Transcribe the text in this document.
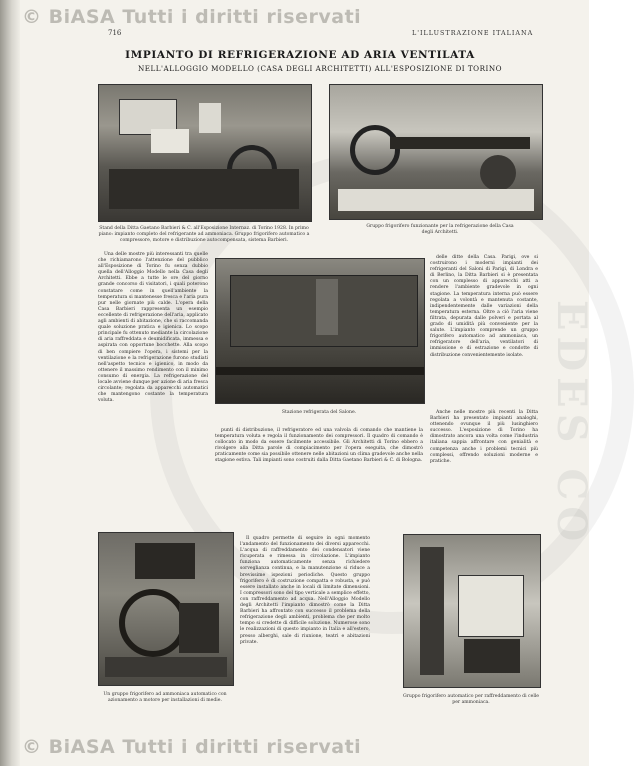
EDES CO
© BiASA Tutti i diritti riservati
© BiASA Tutti i diritti riservati
716	L'ILLUSTRAZIONE ITALIANA
IMPIANTO DI REFRIGERAZIONE AD ARIA VENTILATA
NELL'ALLOGGIO MODELLO (CASA DEGLI ARCHITETTI) ALL'ESPOSIZIONE DI TORINO
Stand della Ditta Gaetano Barbieri & C. all'Esposizione Internaz. di Torino 1928. In primo piano: impianto completo del refrigerante ad ammoniaca. Gruppo frigorifero automatico a compressore, motore e distribuzione autocompensata, sistema Barbieri.
Gruppo frigorifero funzionante per la refrigerazione della Casa degli Architetti.

Una delle mostre più interessanti tra quelle che richiamarono l'attenzione del pubblico all'Esposizione di Torino fu senza dubbio quella dell'Alloggio Modello nella Casa degli Architetti. Ebbe a tutte le ore del giorno grande concorso di visitatori, i quali poterono constatare come in quell'ambiente la temperatura si mantenesse fresca e l'aria pura pur nelle giornate più calde. L'opera della Casa Barbieri rappresenta un esempio eccellente di refrigerazione dell'aria, applicato agli ambienti di abitazione, che si raccomanda quale soluzione pratica e igienica. Lo scopo principale fu ottenuto mediante la circolazione di aria raffreddata e deumidificata, immessa e aspirata con opportune bocchette. Alla scopo di ben compiere l'opera, i sistemi per la ventilazione e la refrigerazione furono studiati nell'aspetto tecnico e igienico, in modo da ottenere il massimo rendimento con il minimo consumo di energia. La refrigerazione del locale avviene dunque per azione di aria fresca circolante; regolata da apparecchi automatici che mantengono costante la temperatura voluta.

Stazione refrigerata del Salone.

delle ditte della Casa. Parigi, ove si costruirono i moderni impianti dei refrigeranti del Saloni di Parigi, di Londra e di Berlino, la Ditta Barbieri si è presentata con un complesso di apparecchi atti a rendere l'ambiente gradevole in ogni stagione. La temperatura interna può essere regolata a volontà e mantenuta costante, indipendentemente dalle variazioni della temperatura esterna. Oltre a ciò l'aria viene filtrata, depurata dalle polveri e portata al grado di umidità più conveniente per la salute. L'impianto comprende un gruppo frigorifero automatico ad ammoniaca, un refrigeratore dell'aria, ventilatori di immissione e di estrazione e condotte di distribuzione convenientemente isolate.

punti di distribuzione, il refrigeratore ed una valvola di comando che mantiene la temperatura voluta e regola il funzionamento dei compressori. Il quadro di comando è collocato in modo da essere facilmente accessibile. Gli Architetti di Torino ebbero a rivolgere alla Ditta parole di compiacimento per l'opera eseguita, che dimostrò praticamente come sia possibile ottenere nelle abitazioni un clima gradevole anche nella stagione estiva. Tali impianti sono costruiti dalla Ditta Gaetano Barbieri & C. di Bologna.

Anche nelle mostre più recenti la Ditta Barbieri ha presentato impianti analoghi, ottenendo ovunque il più lusinghiero successo. L'esposizione di Torino ha dimostrato ancora una volta come l'industria italiana sappia affrontare con genialità e competenza anche i problemi tecnici più complessi, offrendo soluzioni moderne e pratiche.

Un gruppo frigorifero ad ammoniaca automatico con azionamento a motore per installazioni di medie.

Il quadro permette di seguire in ogni momento l'andamento del funzionamento dei diversi apparecchi. L'acqua di raffreddamento dei condensatori viene ricuperata e rimessa in circolazione. L'impianto funziona automaticamente senza richiedere sorveglianza continua, e la manutenzione si riduce a brevissime ispezioni periodiche. Questo gruppo frigorifero è di costruzione compatta e robusta, e può essere installato anche in locali di limitate dimensioni. I compressori sono del tipo verticale a semplice effetto, con raffreddamento ad acqua. Nell'Alloggio Modello degli Architetti l'impianto dimostrò come la Ditta Barbieri ha affrontato con successo il problema della refrigerazione degli ambienti, problema che per molto tempo si credette di difficile soluzione. Numerose sono le realizzazioni di questo impianto in Italia e all'estero, presso alberghi, sale di riunione, teatri e abitazioni private.

Gruppo frigorifero automatico per raffreddamento di celle per ammoniaca.
